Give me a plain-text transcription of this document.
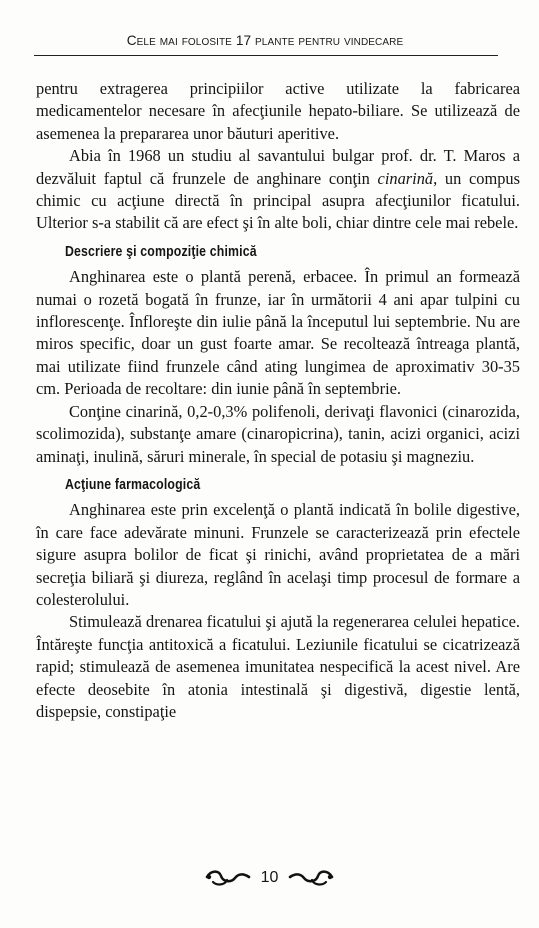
Cele mai folosite 17 plante pentru vindecare

pentru extragerea principiilor active utilizate la fabricarea medicamentelor necesare în afecţiunile hepato-biliare. Se utilizează de asemenea la prepararea unor băuturi aperitive.

Abia în 1968 un studiu al savantului bulgar prof. dr. T. Maros a dezvăluit faptul că frunzele de anghinare conţin cinarină, un compus chimic cu acţiune directă în principal asupra afecţiunilor ficatului. Ulterior s-a stabilit că are efect şi în alte boli, chiar dintre cele mai rebele.

Descriere şi compoziţie chimică

Anghinarea este o plantă perenă, erbacee. În primul an formează numai o rozetă bogată în frunze, iar în următorii 4 ani apar tulpini cu inflorescenţe. Înfloreşte din iulie până la începutul lui septembrie. Nu are miros specific, doar un gust foarte amar. Se recoltează întreaga plantă, mai utilizate fiind frunzele când ating lungimea de aproximativ 30-35 cm. Perioada de recoltare: din iunie până în septembrie.

Conţine cinarină, 0,2-0,3% polifenoli, derivaţi flavonici (cinarozida, scolimozida), substanţe amare (cinaropicrina), tanin, acizi organici, acizi aminaţi, inulină, săruri minerale, în special de potasiu şi magneziu.

Acţiune farmacologică

Anghinarea este prin excelenţă o plantă indicată în bolile digestive, în care face adevărate minuni. Frunzele se caracterizează prin efectele sigure asupra bolilor de ficat şi rinichi, având proprietatea de a mări secreţia biliară şi diureza, reglând în acelaşi timp procesul de formare a colesterolului.

Stimulează drenarea ficatului şi ajută la regenerarea celulei hepatice. Întăreşte funcţia antitoxică a ficatului. Leziunile ficatului se cicatrizează rapid; stimulează de asemenea imunitatea nespecifică la acest nivel. Are efecte deosebite în atonia intestinală şi digestivă, digestie lentă, dispepsie, constipaţie

10
